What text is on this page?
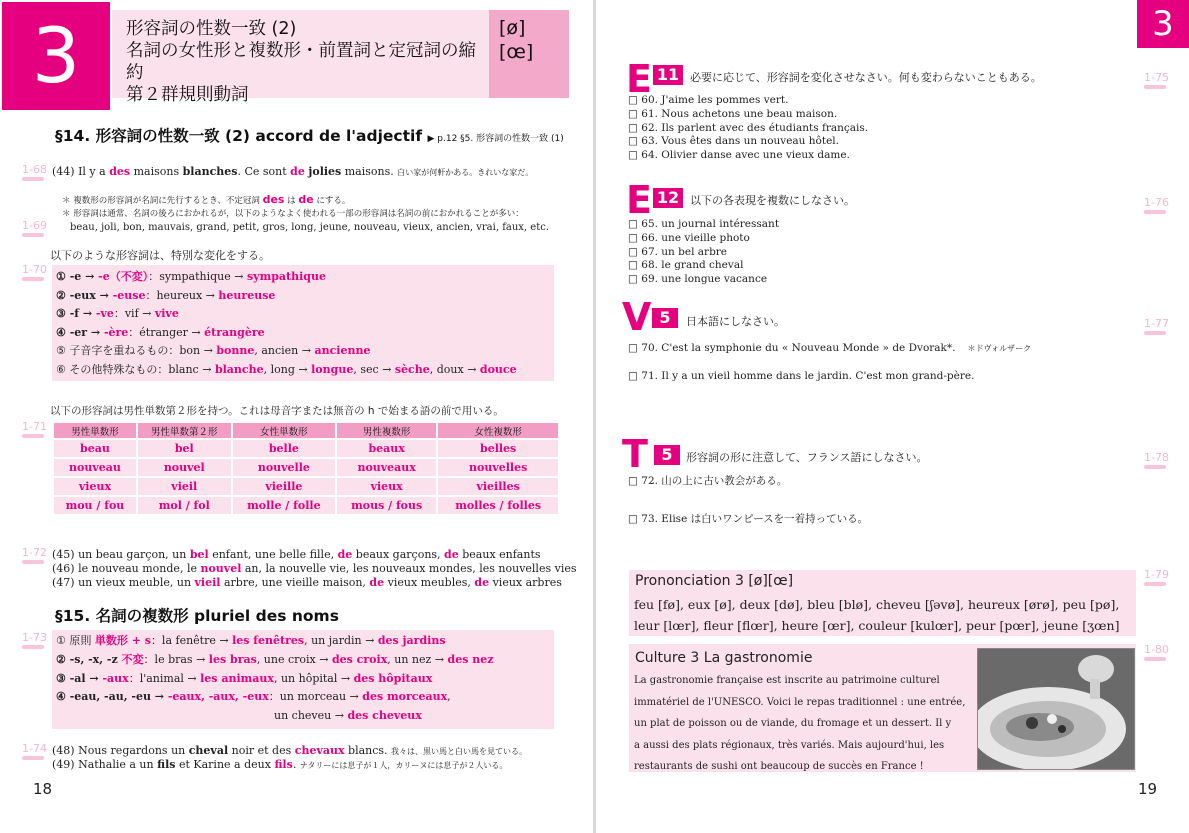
3	形容詞の性数一致 (2)
名詞の女性形と複数形・前置詞と定冠詞の縮約
第２群規則動詞
[ø]
[œ]
§14. 形容詞の性数一致 (2) accord de l'adjectif ▶ p.12 §5. 形容詞の性数一致 (1)
1-68 (44) Il y a des maisons blanches. Ce sont de jolies maisons. 白い家が何軒かある。きれいな家だ。
＊ 複数形の形容詞が名詞に先行するとき、不定冠詞 des は de にする。
＊ 形容詞は通常、名詞の後ろにおかれるが，以下のようなよく使われる一部の形容詞は名詞の前におかれることが多い：
1-69 beau, joli, bon, mauvais, grand, petit, gros, long, jeune, nouveau, vieux, ancien, vrai, faux, etc.
以下のような形容詞は、特別な変化をする。
1-70
① -e → -e（不変）：sympathique → sympathique
② -eux → -euse：heureux → heureuse
③ -f → -ve：vif → vive
④ -er → -ère：étranger → étrangère
⑤ 子音字を重ねるもの：bon → bonne, ancien → ancienne
⑥ その他特殊なもの：blanc → blanche, long → longue, sec → sèche, doux → douce
以下の形容詞は男性単数第２形を持つ。これは母音字または無音の h で始まる語の前で用いる。
1-71	男性単数形	男性単数第２形	女性単数形	男性複数形	女性複数形
beau	bel	belle	beaux	belles
nouveau	nouvel	nouvelle	nouveaux	nouvelles
vieux	vieil	vieille	vieux	vieilles
mou / fou	mol / fol	molle / folle	mous / fous	molles / folles
1-72 (45) un beau garçon, un bel enfant, une belle fille, de beaux garçons, de beaux enfants
(46) le nouveau monde, le nouvel an, la nouvelle vie, les nouveaux mondes, les nouvelles vies
(47) un vieux meuble, un vieil arbre, une vieille maison, de vieux meubles, de vieux arbres
§15. 名詞の複数形 pluriel des noms
1-73 ① 原則 単数形 + s：la fenêtre → les fenêtres, un jardin → des jardins
② -s, -x, -z 不変：le bras → les bras, une croix → des croix, un nez → des nez
③ -al → -aux：l'animal → les animaux, un hôpital → des hôpitaux
④ -eau, -au, -eu → -eaux, -aux, -eux：un morceau → des morceaux,
un cheveu → des cheveux
1-74 (48) Nous regardons un cheval noir et des chevaux blancs. 我々は、黒い馬と白い馬を見ている。
(49) Nathalie a un fils et Karine a deux fils. ナタリーには息子が１人，カリーヌには息子が２人いる。
18
3
E 11 必要に応じて、形容詞を変化させなさい。何も変わらないこともある。	1-75
□ 60. J'aime les pommes vert.
□ 61. Nous achetons une beau maison.
□ 62. Ils parlent avec des étudiants français.
□ 63. Vous êtes dans un nouveau hôtel.
□ 64. Olivier danse avec une vieux dame.
E 12 以下の各表現を複数にしなさい。	1-76
□ 65. un journal intéressant
□ 66. une vieille photo
□ 67. un bel arbre
□ 68. le grand cheval
□ 69. une longue vacance
V 5	日本語にしなさい。	1-77
□ 70. C'est la symphonie du « Nouveau Monde » de Dvorak*. ＊ドヴォルザーク
□ 71. Il y a un vieil homme dans le jardin. C'est mon grand-père.
T 5	形容詞の形に注意して、フランス語にしなさい。	1-78
□ 72. 山の上に古い教会がある。
□ 73. Elise は白いワンピースを一着持っている。
Prononciation 3 [ø][œ]	1-79
feu [fø], eux [ø], deux [dø], bleu [blø], cheveu [ʃəvø], heureux [ørø], peu [pø],
leur [lœr], fleur [flœr], heure [œr], couleur [kulœr], peur [pœr], jeune [ʒœn]
Culture 3 La gastronomie
1-80
La gastronomie française est inscrite au patrimoine culturel
immatériel de l'UNESCO. Voici le repas traditionnel : une entrée,
un plat de poisson ou de viande, du fromage et un dessert. Il y
a aussi des plats régionaux, très variés. Mais aujourd'hui, les
restaurants de sushi ont beaucoup de succès en France !
19
